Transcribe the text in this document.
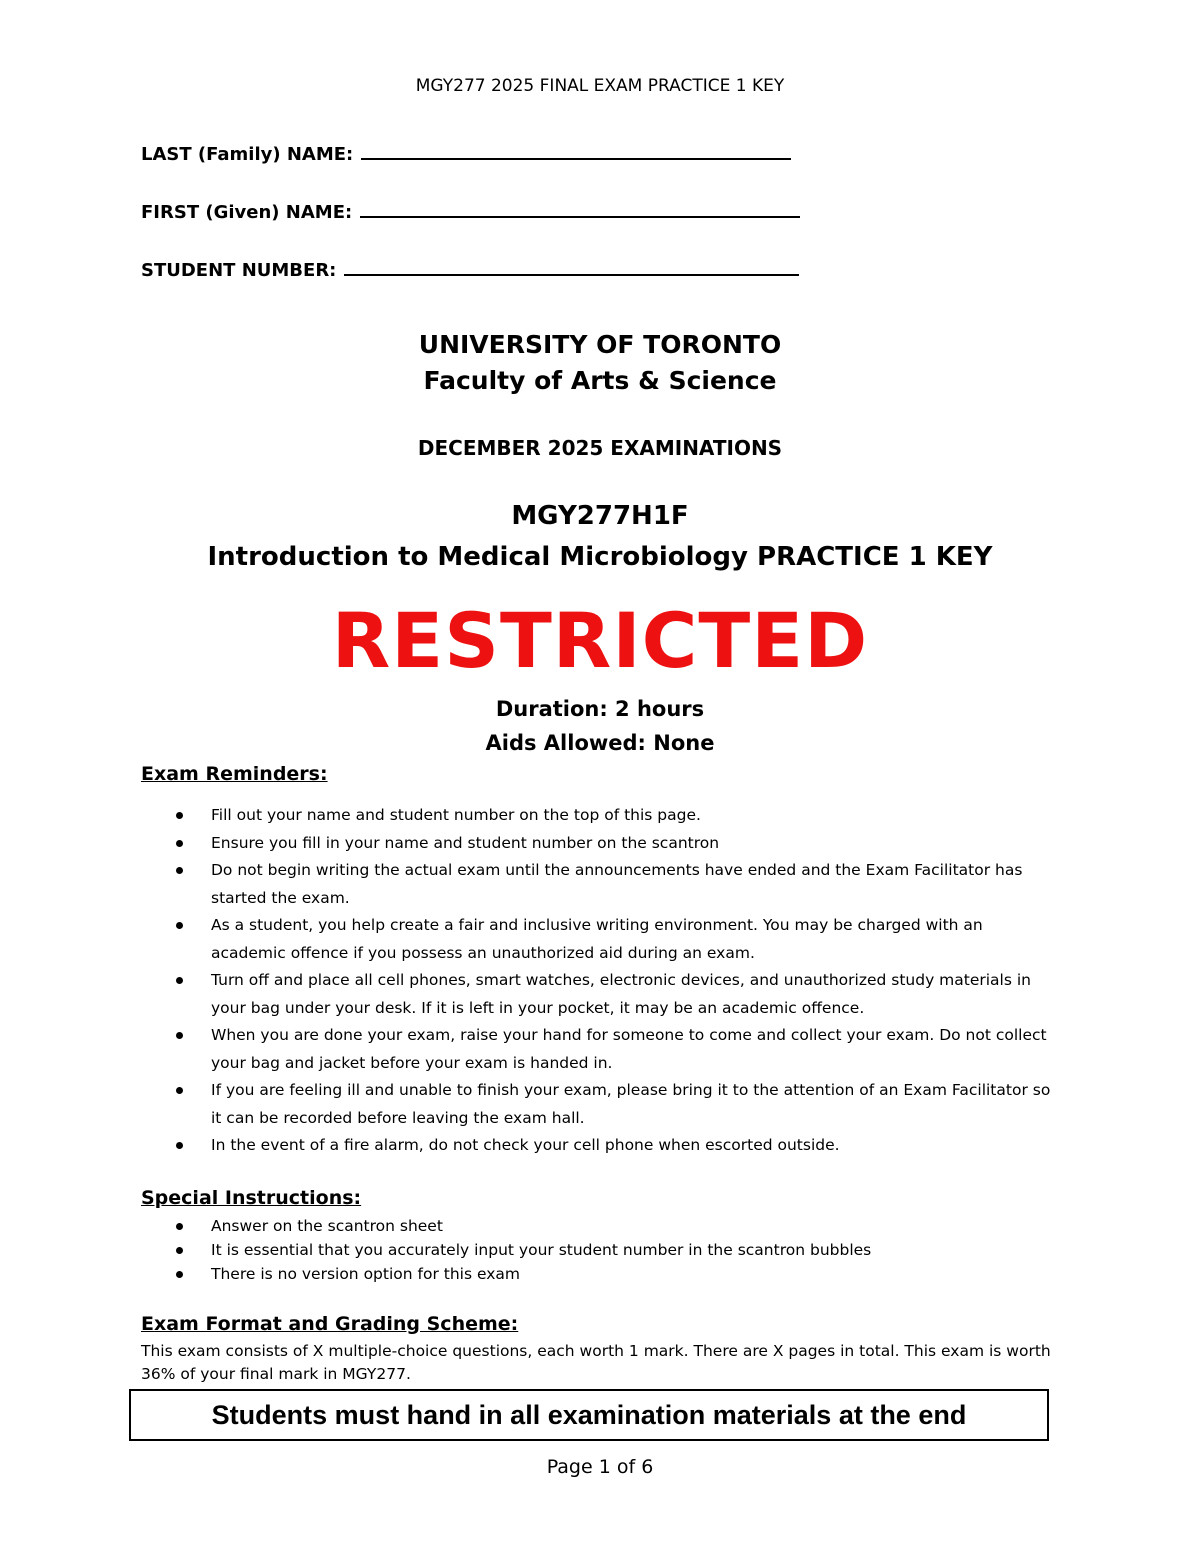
MGY277 2025 FINAL EXAM PRACTICE 1 KEY
LAST (Family) NAME:
FIRST (Given) NAME:
STUDENT NUMBER:
UNIVERSITY OF TORONTO
Faculty of Arts & Science
DECEMBER 2025 EXAMINATIONS
MGY277H1F
Introduction to Medical Microbiology PRACTICE 1 KEY
RESTRICTED
Duration: 2 hours
Aids Allowed: None
Exam Reminders:
Fill out your name and student number on the top of this page.
Ensure you fill in your name and student number on the scantron
Do not begin writing the actual exam until the announcements have ended and the Exam Facilitator has started the exam.
As a student, you help create a fair and inclusive writing environment. You may be charged with an academic offence if you possess an unauthorized aid during an exam.
Turn off and place all cell phones, smart watches, electronic devices, and unauthorized study materials in your bag under your desk. If it is left in your pocket, it may be an academic offence.
When you are done your exam, raise your hand for someone to come and collect your exam. Do not collect your bag and jacket before your exam is handed in.
If you are feeling ill and unable to finish your exam, please bring it to the attention of an Exam Facilitator so it can be recorded before leaving the exam hall.
In the event of a fire alarm, do not check your cell phone when escorted outside.
Special Instructions:
Answer on the scantron sheet
It is essential that you accurately input your student number in the scantron bubbles
There is no version option for this exam
Exam Format and Grading Scheme:
This exam consists of X multiple-choice questions, each worth 1 mark. There are X pages in total. This exam is worth 36% of your final mark in MGY277.
Students must hand in all examination materials at the end
Page 1 of 6
